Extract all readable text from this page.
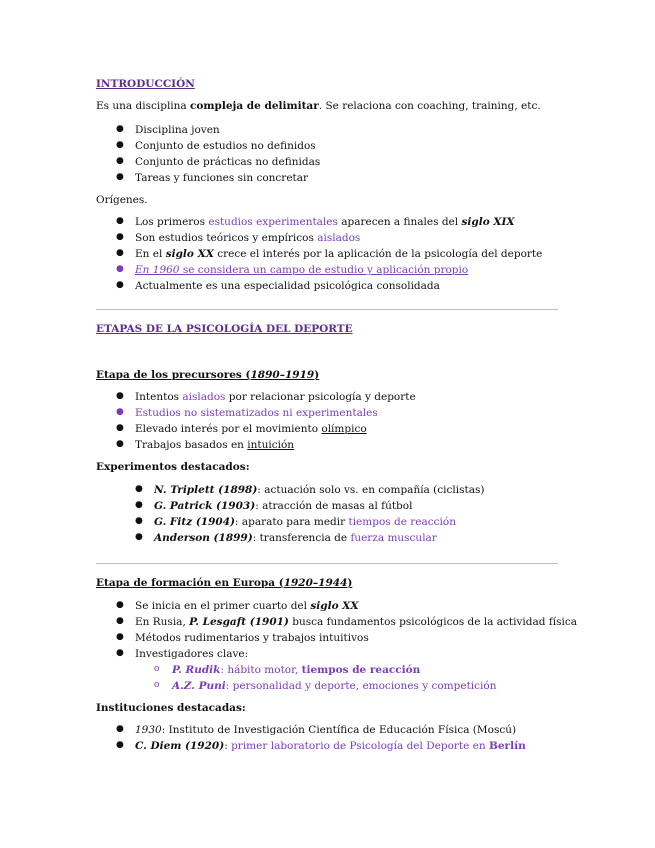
INTRODUCCIÓN
Es una disciplina compleja de delimitar. Se relaciona con coaching, training, etc.
● Disciplina joven
● Conjunto de estudios no definidos
● Conjunto de prácticas no definidas
● Tareas y funciones sin concretar
Orígenes.
● Los primeros estudios experimentales aparecen a finales del siglo XIX
● Son estudios teóricos y empíricos aislados
● En el siglo XX crece el interés por la aplicación de la psicología del deporte
● En 1960 se considera un campo de estudio y aplicación propio
● Actualmente es una especialidad psicológica consolidada
ETAPAS DE LA PSICOLOGÍA DEL DEPORTE
Etapa de los precursores (1890–1919)
● Intentos aislados por relacionar psicología y deporte
● Estudios no sistematizados ni experimentales
● Elevado interés por el movimiento olímpico
● Trabajos basados en intuición
Experimentos destacados:
● N. Triplett (1898): actuación solo vs. en compañía (ciclistas)
● G. Patrick (1903): atracción de masas al fútbol
● G. Fitz (1904): aparato para medir tiempos de reacción
● Anderson (1899): transferencia de fuerza muscular
Etapa de formación en Europa (1920–1944)
● Se inicia en el primer cuarto del siglo XX
● En Rusia, P. Lesgaft (1901) busca fundamentos psicológicos de la actividad física
● Métodos rudimentarios y trabajos intuitivos
● Investigadores clave:
o P. Rudik: hábito motor, tiempos de reacción
o A.Z. Puni: personalidad y deporte, emociones y competición
Instituciones destacadas:
● 1930: Instituto de Investigación Científica de Educación Física (Moscú)
● C. Diem (1920): primer laboratorio de Psicología del Deporte en Berlín
